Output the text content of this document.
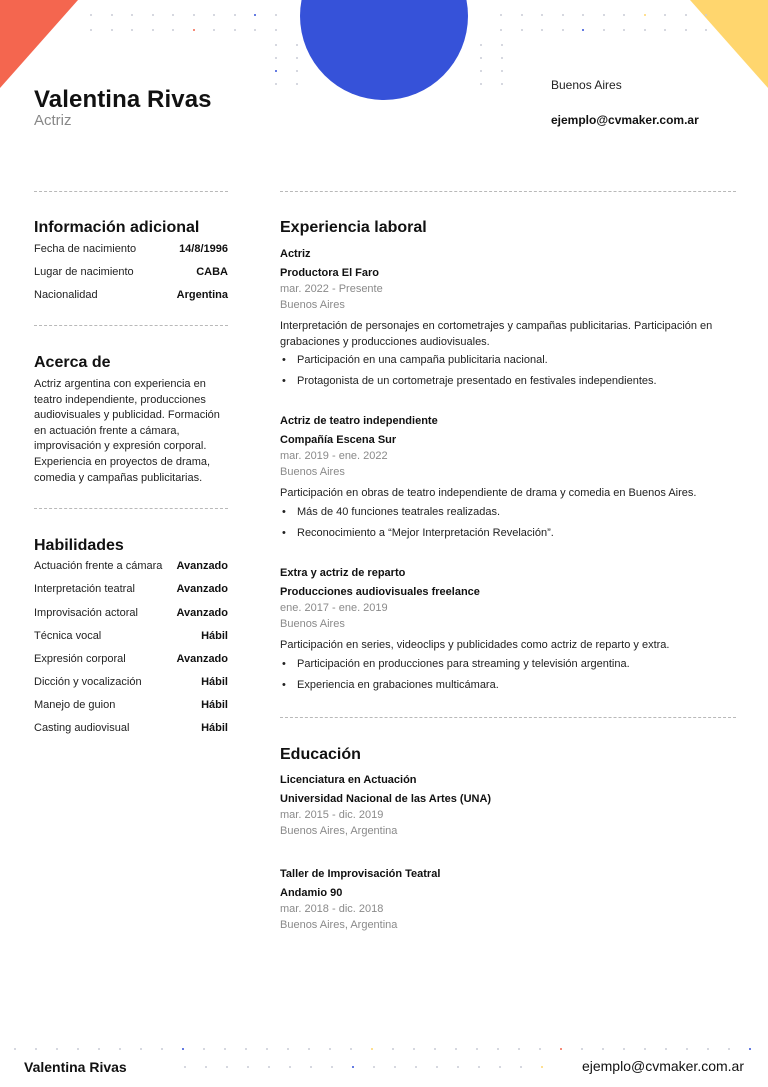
Valentina Rivas
Actriz
Buenos Aires
ejemplo@cvmaker.com.ar
Información adicional
Fecha de nacimiento	14/8/1996
Lugar de nacimiento	CABA
Nacionalidad	Argentina
Acerca de
Actriz argentina con experiencia en teatro independiente, producciones audiovisuales y publicidad. Formación en actuación frente a cámara, improvisación y expresión corporal. Experiencia en proyectos de drama, comedia y campañas publicitarias.
Habilidades
Actuación frente a cámara Avanzado
Interpretación teatral	Avanzado
Improvisación actoral	Avanzado
Técnica vocal	Hábil
Expresión corporal	Avanzado
Dicción y vocalización	Hábil
Manejo de guion	Hábil
Casting audiovisual	Hábil
Experiencia laboral
Actriz
Productora El Faro
mar. 2022 - Presente
Buenos Aires
Interpretación de personajes en cortometrajes y campañas publicitarias. Participación en grabaciones y producciones audiovisuales.
• Participación en una campaña publicitaria nacional.
• Protagonista de un cortometraje presentado en festivales independientes.
Actriz de teatro independiente
Compañía Escena Sur
mar. 2019 - ene. 2022
Buenos Aires
Participación en obras de teatro independiente de drama y comedia en Buenos Aires.
• Más de 40 funciones teatrales realizadas.
• Reconocimiento a “Mejor Interpretación Revelación”.
Extra y actriz de reparto
Producciones audiovisuales freelance
ene. 2017 - ene. 2019
Buenos Aires
Participación en series, videoclips y publicidades como actriz de reparto y extra.
• Participación en producciones para streaming y televisión argentina.
• Experiencia en grabaciones multicámara.
Educación
Licenciatura en Actuación
Universidad Nacional de las Artes (UNA)
mar. 2015 - dic. 2019
Buenos Aires, Argentina
Taller de Improvisación Teatral
Andamio 90
mar. 2018 - dic. 2018
Buenos Aires, Argentina
Valentina Rivas	ejemplo@cvmaker.com.ar
